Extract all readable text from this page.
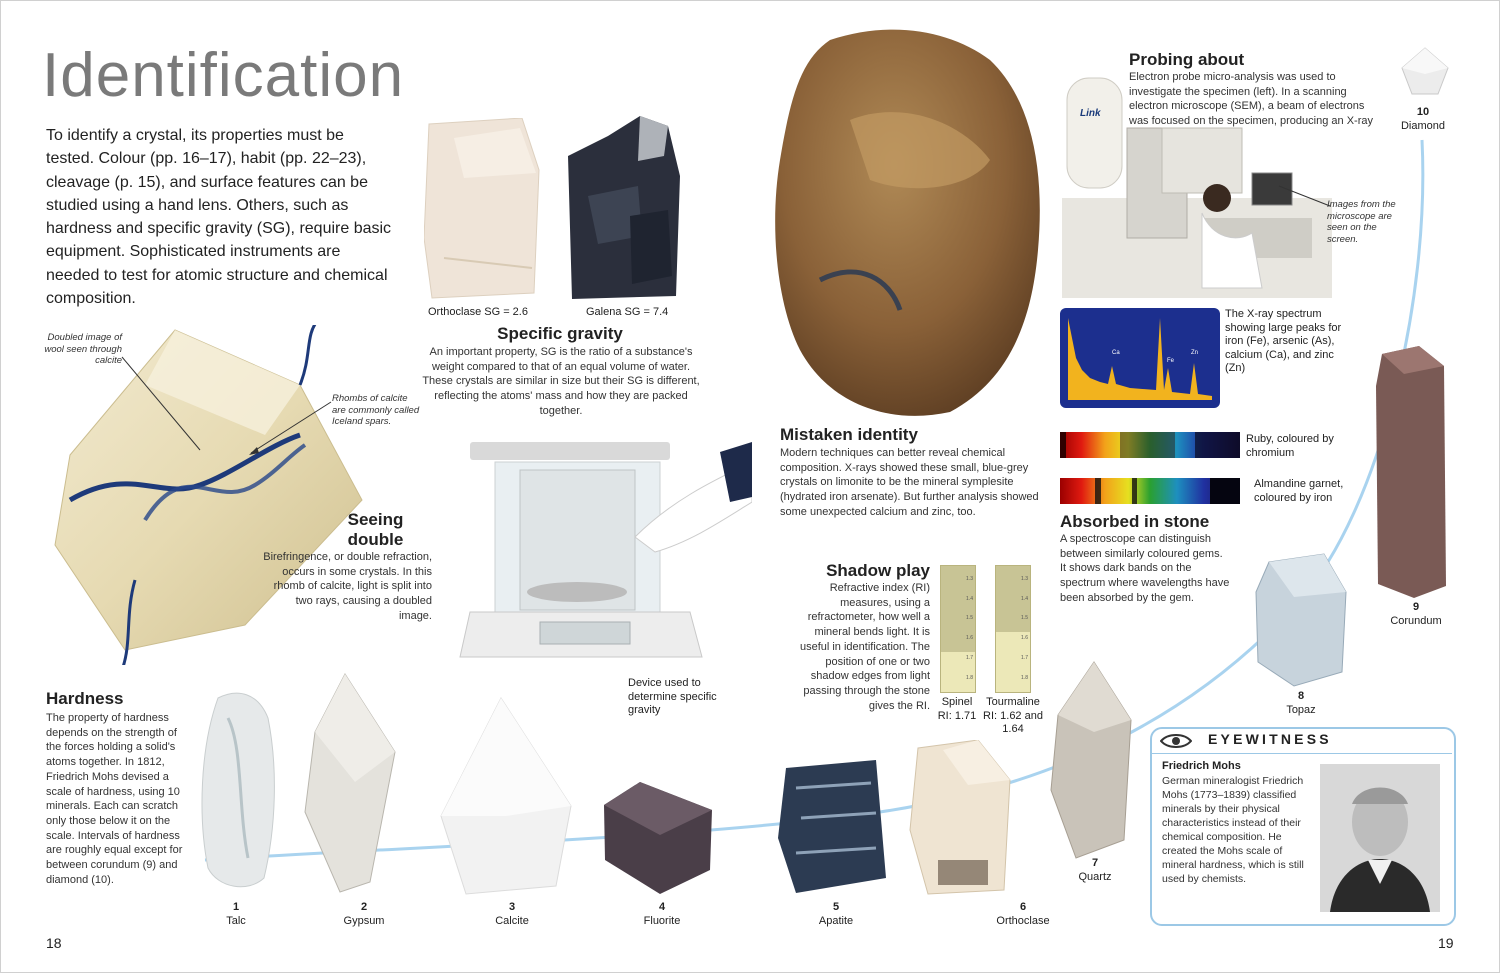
Identification

To identify a crystal, its properties must be tested. Colour (pp. 16–17), habit (pp. 22–23), cleavage (p. 15), and surface features can be studied using a hand lens. Others, such as hardness and specific gravity (SG), require basic equipment. Sophisticated instruments are needed to test for atomic structure and chemical composition.

Doubled image of wool seen through calcite

Rhombs of calcite are commonly called Iceland spars.

Seeing
double

Birefringence, or double refraction, occurs in some crystals. In this rhomb of calcite, light is split into two rays, causing a doubled image.

Orthoclase SG = 2.6	Galena SG = 7.4

Specific gravity

An important property, SG is the ratio of a substance's weight compared to that of an equal volume of water. These crystals are similar in size but their SG is different, reflecting the atoms' mass and how they are packed together.

Device used to determine specific gravity

Mistaken identity

Modern techniques can better reveal chemical composition. X-rays showed these small, blue-grey crystals on limonite to be the mineral symplesite (hydrated iron arsenate). But further analysis showed some unexpected calcium and zinc, too.

Probing about

Electron probe micro-analysis was used to investigate the specimen (left). In a scanning electron microscope (SEM), a beam of electrons was focused on the specimen, producing an X-ray

Link

Images from the microscope are seen on the screen.

Ca
Fe
Zn

The X-ray spectrum showing large peaks for iron (Fe), arsenic (As), calcium (Ca), and zinc (Zn)

Ruby, coloured by chromium

Almandine garnet, coloured by iron

Absorbed in stone

A spectroscope can distinguish between similarly coloured gems. It shows dark bands on the spectrum where wavelengths have been absorbed by the gem.

Shadow play

Refractive index (RI) measures, using a refractometer, how well a mineral bends light. It is useful in identification. The position of one or two shadow edges from light passing through the stone gives the RI.

1.3
1.4
1.5
1.6
1.7
1.8
1.3
1.4
1.5
1.6
1.7
1.8

Spinel RI: 1.71

Tourmaline RI: 1.62 and 1.64

Hardness

The property of hardness depends on the strength of the forces holding a solid's atoms together. In 1812, Friedrich Mohs devised a scale of hardness, using 10 minerals. Each can scratch only those below it on the scale. Intervals of hardness are roughly equal except for between corundum (9) and diamond (10).

1
Talc
2
Gypsum
3
Calcite
4
Fluorite
5
Apatite
6
Orthoclase
7
Quartz
8
Topaz
9
Corundum
10
Diamond
EYEWITNESS

Friedrich Mohs

German mineralogist Friedrich Mohs (1773–1839) classified minerals by their physical characteristics instead of their chemical composition. He created the Mohs scale of mineral hardness, which is still used by chemists.

18	19
